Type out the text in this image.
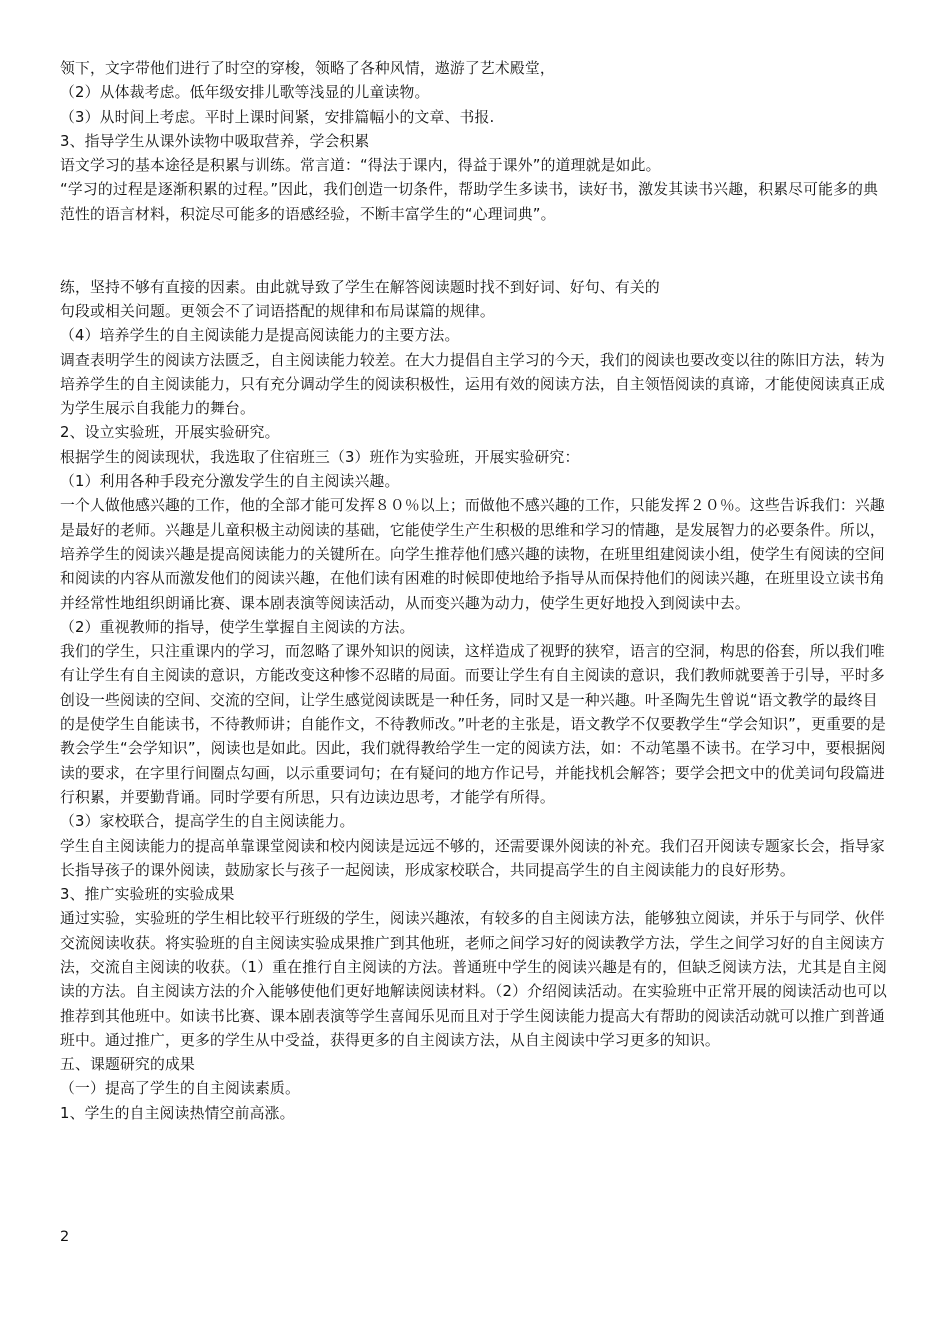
领下，文字带他们进行了时空的穿梭，领略了各种风情，遨游了艺术殿堂，

（2）从体裁考虑。低年级安排儿歌等浅显的儿童读物。

（3）从时间上考虑。平时上课时间紧，安排篇幅小的文章、书报.

3、指导学生从课外读物中吸取营养，学会积累

语文学习的基本途径是积累与训练。常言道：“得法于课内，得益于课外”的道理就是如此。

“学习的过程是逐渐积累的过程。”因此，我们创造一切条件，帮助学生多读书，读好书，激发其读书兴趣，积累尽可能多的典范性的语言材料，积淀尽可能多的语感经验，不断丰富学生的“心理词典”。

练，坚持不够有直接的因素。由此就导致了学生在解答阅读题时找不到好词、好句、有关的

句段或相关问题。更领会不了词语搭配的规律和布局谋篇的规律。

（4）培养学生的自主阅读能力是提高阅读能力的主要方法。

调查表明学生的阅读方法匮乏，自主阅读能力较差。在大力提倡自主学习的今天，我们的阅读也要改变以往的陈旧方法，转为培养学生的自主阅读能力，只有充分调动学生的阅读积极性，运用有效的阅读方法，自主领悟阅读的真谛，才能使阅读真正成为学生展示自我能力的舞台。

2、设立实验班，开展实验研究。

根据学生的阅读现状，我选取了住宿班三（3）班作为实验班，开展实验研究：

（1）利用各种手段充分激发学生的自主阅读兴趣。

一个人做他感兴趣的工作，他的全部才能可发挥８０％以上；而做他不感兴趣的工作，只能发挥２０％。这些告诉我们：兴趣是最好的老师。兴趣是儿童积极主动阅读的基础，它能使学生产生积极的思维和学习的情趣，是发展智力的必要条件。所以，培养学生的阅读兴趣是提高阅读能力的关键所在。向学生推荐他们感兴趣的读物，在班里组建阅读小组，使学生有阅读的空间和阅读的内容从而激发他们的阅读兴趣，在他们读有困难的时候即使地给予指导从而保持他们的阅读兴趣，在班里设立读书角并经常性地组织朗诵比赛、课本剧表演等阅读活动，从而变兴趣为动力，使学生更好地投入到阅读中去。

（2）重视教师的指导，使学生掌握自主阅读的方法。

我们的学生，只注重课内的学习，而忽略了课外知识的阅读，这样造成了视野的狭窄，语言的空洞，构思的俗套，所以我们唯有让学生有自主阅读的意识，方能改变这种惨不忍睹的局面。而要让学生有自主阅读的意识，我们教师就要善于引导，平时多创设一些阅读的空间、交流的空间，让学生感觉阅读既是一种任务，同时又是一种兴趣。叶圣陶先生曾说“语文教学的最终目的是使学生自能读书，不待教师讲；自能作文，不待教师改。”叶老的主张是，语文教学不仅要教学生“学会知识”，更重要的是教会学生“会学知识”，阅读也是如此。因此，我们就得教给学生一定的阅读方法，如：不动笔墨不读书。在学习中，要根据阅读的要求，在字里行间圈点勾画，以示重要词句；在有疑问的地方作记号，并能找机会解答；要学会把文中的优美词句段篇进行积累，并要勤背诵。同时学要有所思，只有边读边思考，才能学有所得。

（3）家校联合，提高学生的自主阅读能力。

学生自主阅读能力的提高单靠课堂阅读和校内阅读是远远不够的，还需要课外阅读的补充。我们召开阅读专题家长会，指导家长指导孩子的课外阅读，鼓励家长与孩子一起阅读，形成家校联合，共同提高学生的自主阅读能力的良好形势。

3、推广实验班的实验成果

通过实验，实验班的学生相比较平行班级的学生，阅读兴趣浓，有较多的自主阅读方法，能够独立阅读，并乐于与同学、伙伴交流阅读收获。将实验班的自主阅读实验成果推广到其他班，老师之间学习好的阅读教学方法，学生之间学习好的自主阅读方法，交流自主阅读的收获。（1）重在推行自主阅读的方法。普通班中学生的阅读兴趣是有的，但缺乏阅读方法，尤其是自主阅读的方法。自主阅读方法的介入能够使他们更好地解读阅读材料。（2）介绍阅读活动。在实验班中正常开展的阅读活动也可以推荐到其他班中。如读书比赛、课本剧表演等学生喜闻乐见而且对于学生阅读能力提高大有帮助的阅读活动就可以推广到普通班中。通过推广，更多的学生从中受益，获得更多的自主阅读方法，从自主阅读中学习更多的知识。

五、课题研究的成果

（一）提高了学生的自主阅读素质。

1、学生的自主阅读热情空前高涨。

2
